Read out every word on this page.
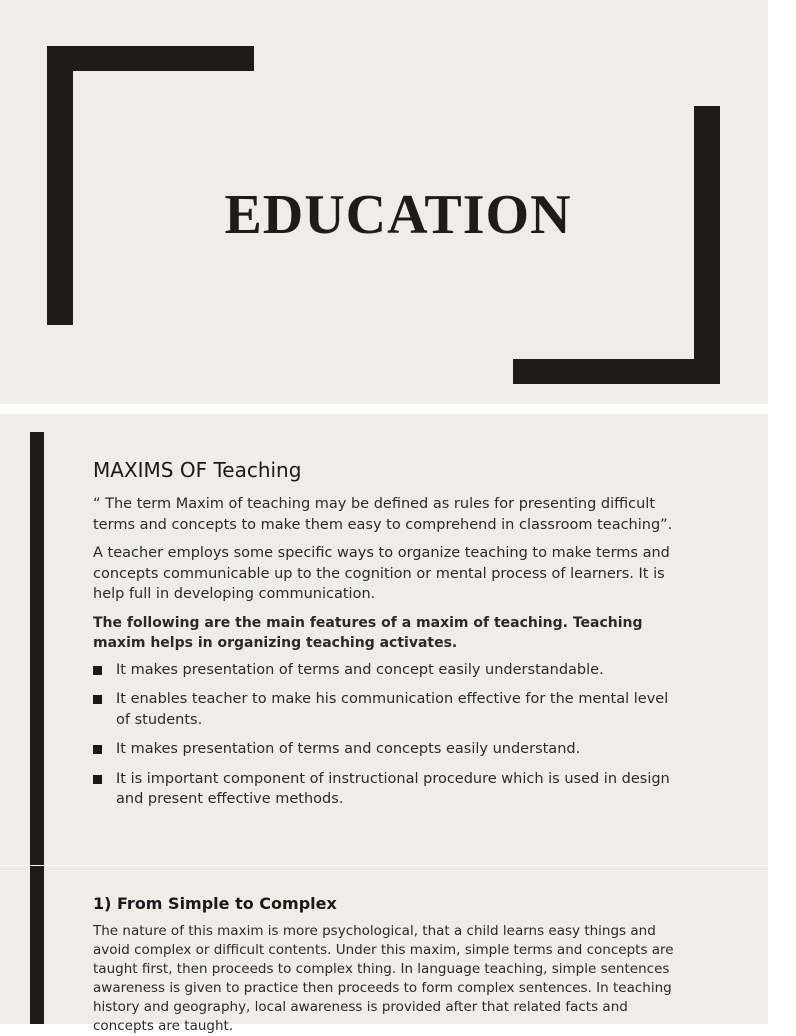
EDUCATION
MAXIMS OF Teaching

“ The term Maxim of teaching may be defined as rules for presenting difficult terms and concepts to make them easy to comprehend in classroom teaching”.

A teacher employs some specific ways to organize teaching to make terms and concepts communicable up to the cognition or mental process of learners. It is help full in developing communication.

The following are the main features of a maxim of teaching. Teaching maxim helps in organizing teaching activates.

It makes presentation of terms and concept easily understandable.
It enables teacher to make his communication effective for the mental level of students.
It makes presentation of terms and concepts easily understand.
It is important component of instructional procedure which is used in design and present effective methods.
1) From Simple to Complex

The nature of this maxim is more psychological, that a child learns easy things and avoid complex or difficult contents. Under this maxim, simple terms and concepts are taught first, then proceeds to complex thing. In language teaching, simple sentences awareness is given to practice then proceeds to form complex sentences. In teaching history and geography, local awareness is provided after that related facts and concepts are taught.
